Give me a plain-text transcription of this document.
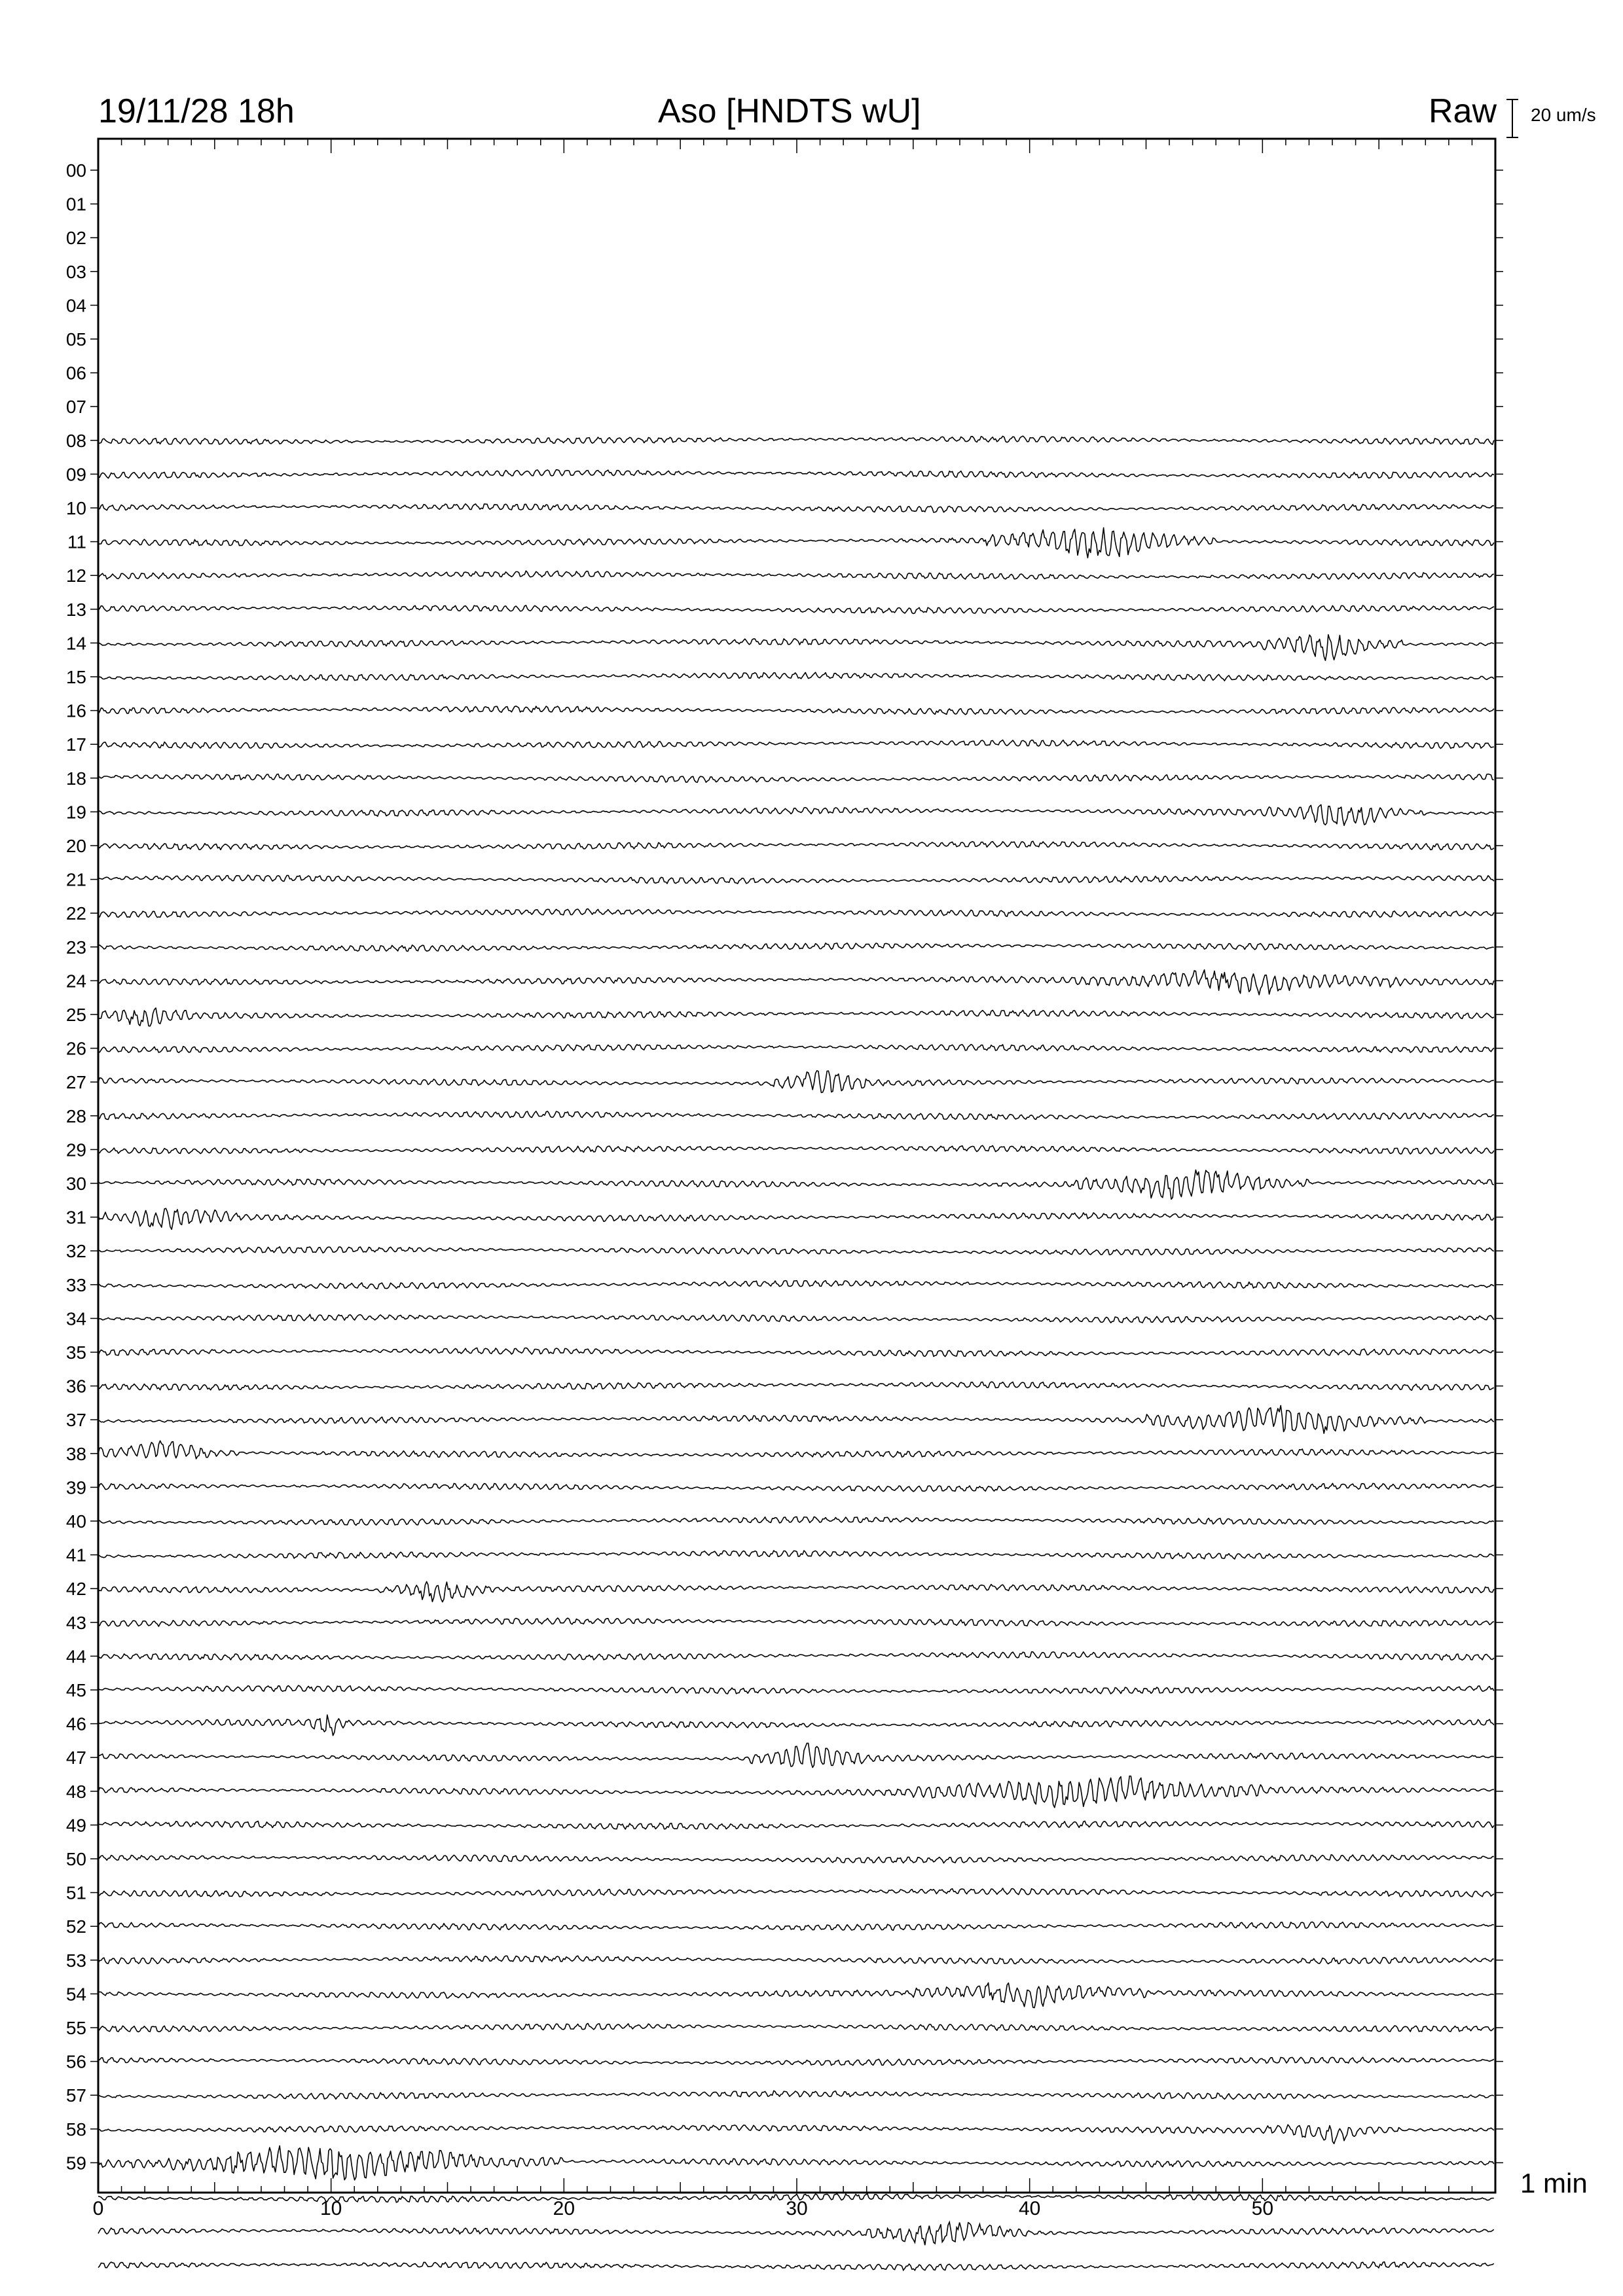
19/11/28 18h	Aso [HNDTS wU]	Raw 20 um/s
1 min
0	10	20	30	40	50
00
01
02
03
04
05
06
07
08
09
10
11
12
13
14
15
16
17
18
19
20
21
22
23
24
25
26
27
28
29
30
31
32
33
34
35
36
37
38
39
40
41
42
43
44
45
46
47
48
49
50
51
52
53
54
55
56
57
58
59
